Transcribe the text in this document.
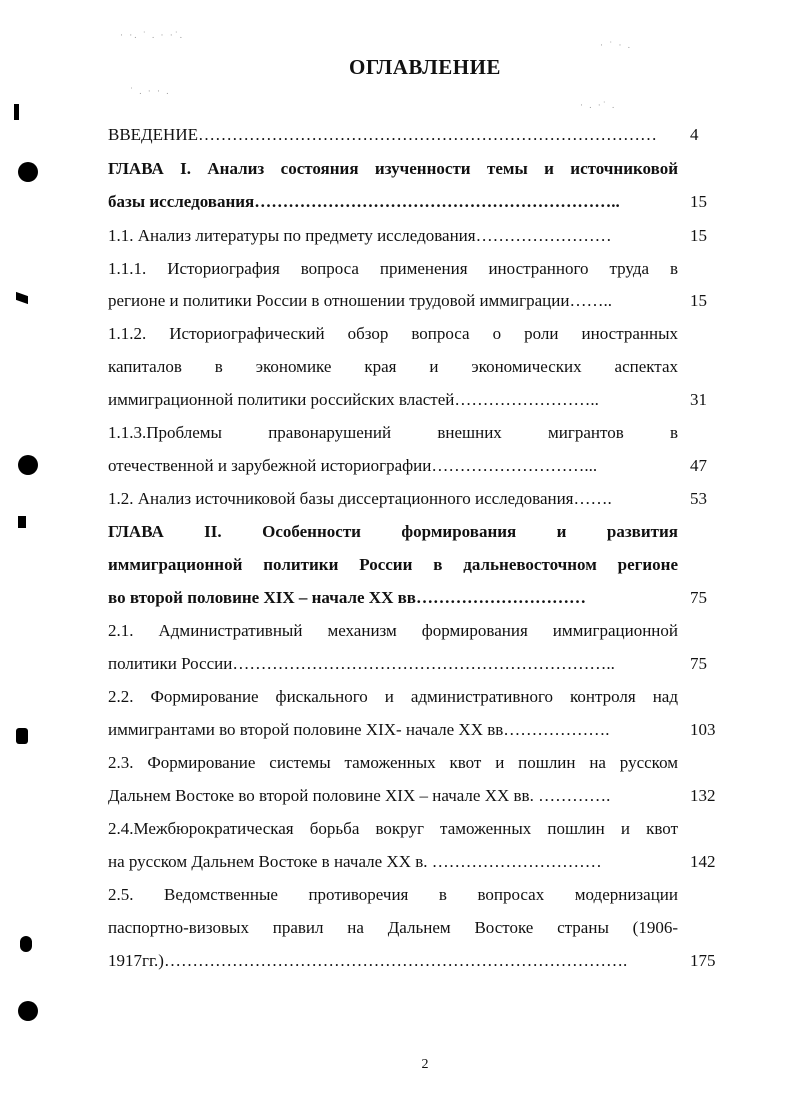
· ·. ˙ . · ·˙.
· ˙ · .
˙ . · · .
· . ·˙ .
ОГЛАВЛЕНИЕ
ВВЕДЕНИЕ………………………………………………………………………	4
ГЛАВА I. Анализ состояния изученности темы и источниковой
базы исследования………………………………………………………..	15
1.1. Анализ литературы по предмету исследования……………………	15
1.1.1. Историография вопроса применения иностранного труда в
регионе и политики России в отношении трудовой иммиграции……..	15
1.1.2. Историографический обзор вопроса о роли иностранных
капиталов в экономике края и экономических аспектах
иммиграционной политики российских властей……………………..	31
1.1.3.Проблемы правонарушений внешних мигрантов в
отечественной и зарубежной историографии………………………...	47
1.2. Анализ источниковой базы диссертационного исследования…….	53
ГЛАВА II. Особенности формирования и развития
иммиграционной политики России в дальневосточном регионе
во второй половине XIX – начале XX вв…………………………	75
2.1. Административный механизм формирования иммиграционной
политики России…………………………………………………………..	75
2.2. Формирование фискального и административного контроля над
иммигрантами во второй половине XIX- начале XX вв……………….	103
2.3. Формирование системы таможенных квот и пошлин на русском
Дальнем Востоке во второй половине XIX – начале XX вв. ………….	132
2.4.Межбюрократическая борьба вокруг таможенных пошлин и квот
на русском Дальнем Востоке в начале XX в. …………………………	142
2.5. Ведомственные противоречия в вопросах модернизации
паспортно-визовых правил на Дальнем Востоке страны (1906-
1917гг.)……………………………………………………………………….	175
2
